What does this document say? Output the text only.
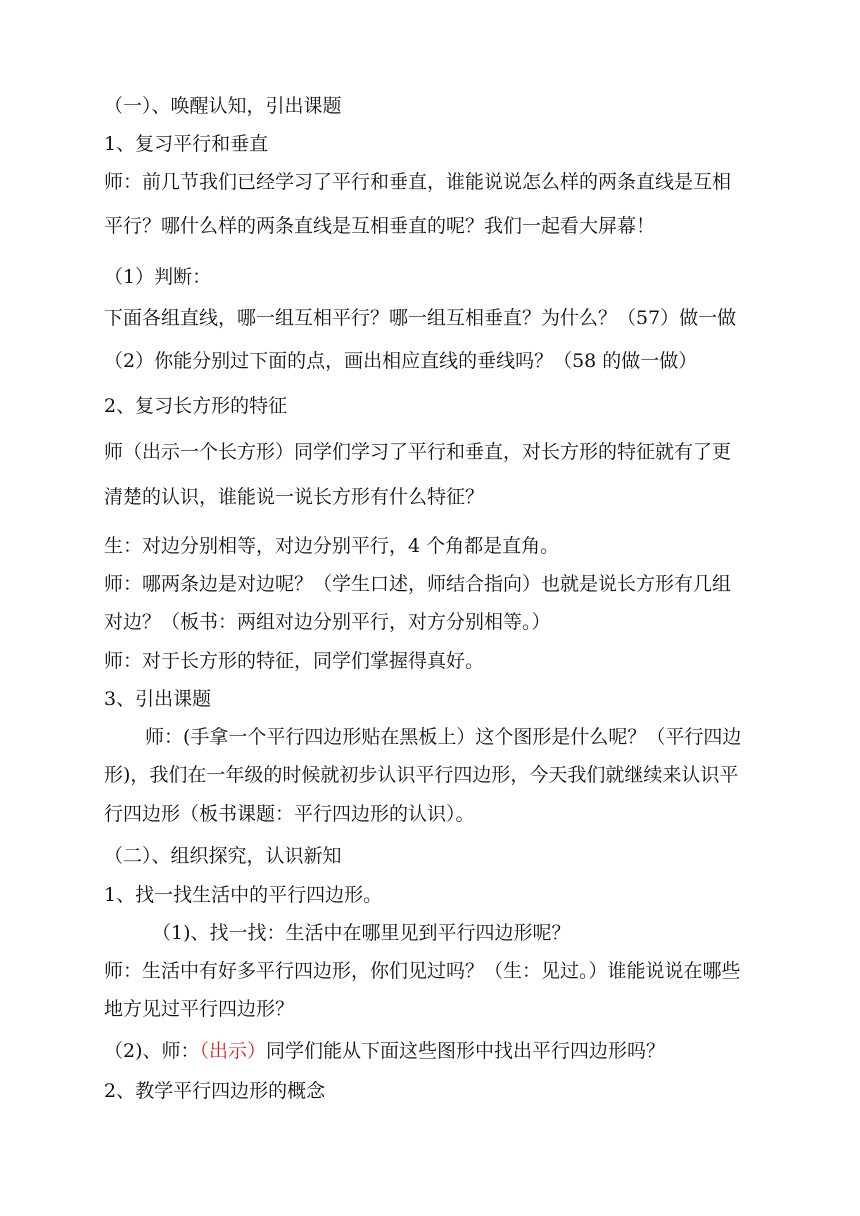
（一）、唤醒认知，引出课题
1、复习平行和垂直
师：前几节我们已经学习了平行和垂直，谁能说说怎么样的两条直线是互相
平行？哪什么样的两条直线是互相垂直的呢？我们一起看大屏幕！
（1）判断：
下面各组直线，哪一组互相平行？哪一组互相垂直？为什么？（57）做一做
（2）你能分别过下面的点，画出相应直线的垂线吗？（58 的做一做）
2、复习长方形的特征
师（出示一个长方形）同学们学习了平行和垂直，对长方形的特征就有了更
清楚的认识，谁能说一说长方形有什么特征？
生：对边分别相等，对边分别平行，4 个角都是直角。
师：哪两条边是对边呢？（学生口述，师结合指向）也就是说长方形有几组
对边？（板书：两组对边分别平行，对方分别相等。）
师：对于长方形的特征，同学们掌握得真好。
3、引出课题
师：(手拿一个平行四边形贴在黑板上）这个图形是什么呢？（平行四边
形)，我们在一年级的时候就初步认识平行四边形，今天我们就继续来认识平
行四边形（板书课题：平行四边形的认识）。
（二）、组织探究，认识新知
1、找一找生活中的平行四边形。
（1)、找一找：生活中在哪里见到平行四边形呢？
师：生活中有好多平行四边形，你们见过吗？（生：见过。）谁能说说在哪些
地方见过平行四边形？
（2)、师：（出示）同学们能从下面这些图形中找出平行四边形吗？
2、教学平行四边形的概念
